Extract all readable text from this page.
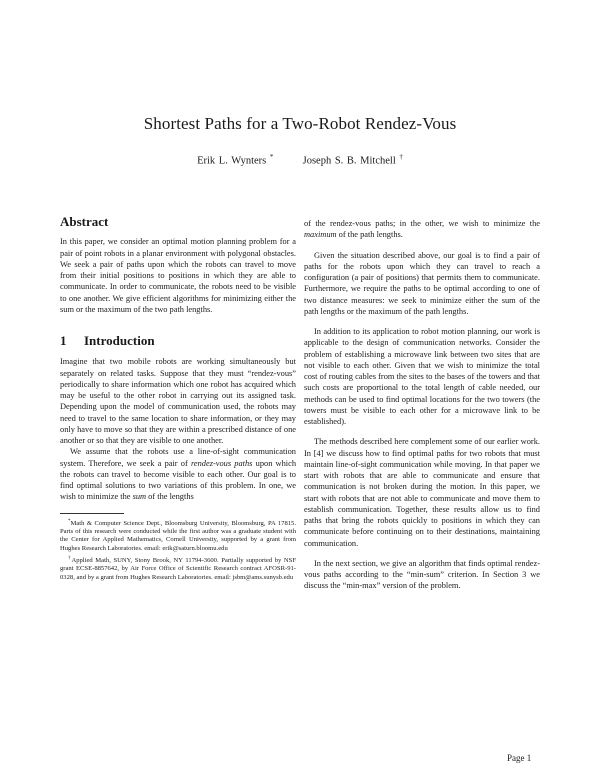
Shortest Paths for a Two-Robot Rendez-Vous
Erik L. Wynters *	Joseph S. B. Mitchell †
Abstract

In this paper, we consider an optimal motion planning problem for a pair of point robots in a planar environment with polygonal obstacles. We seek a pair of paths upon which the robots can travel to move from their initial positions to positions in which they are able to communicate. In order to communicate, the robots need to be visible to one another. We give efficient algorithms for minimizing either the sum or the maximum of the two path lengths.

1 Introduction

Imagine that two mobile robots are working simultaneously but separately on related tasks. Suppose that they must “rendez-vous” periodically to share information which one robot has acquired which may be useful to the other robot in carrying out its assigned task. Depending upon the model of communication used, the robots may need to travel to the same location to share information, or they may only have to move so that they are within a prescribed distance of one another or so that they are visible to one another.

We assume that the robots use a line-of-sight communication system. Therefore, we seek a pair of rendez-vous paths upon which the robots can travel to become visible to each other. Our goal is to find optimal solutions to two variations of this problem. In one, we wish to minimize the sum of the lengths

*Math & Computer Science Dept., Bloomsburg University, Bloomsburg, PA 17815. Parts of this research were conducted while the first author was a graduate student with the Center for Applied Mathematics, Cornell University, supported by a grant from Hughes Research Laboratories. email: erik@saturn.bloomu.edu

†Applied Math, SUNY, Stony Brook, NY 11794-3600. Partially supported by NSF grant ECSE-8857642, by Air Force Office of Scientific Research contract AFOSR-91-0328, and by a grant from Hughes Research Laboratories. email: jsbm@ams.sunysb.edu

of the rendez-vous paths; in the other, we wish to minimize the maximum of the path lengths.

Given the situation described above, our goal is to find a pair of paths for the robots upon which they can travel to reach a configuration (a pair of positions) that permits them to communicate. Furthermore, we require the paths to be optimal according to one of two distance measures: we seek to minimize either the sum of the path lengths or the maximum of the path lengths.

In addition to its application to robot motion planning, our work is applicable to the design of communication networks. Consider the problem of establishing a microwave link between two sites that are not visible to each other. Given that we wish to minimize the total cost of routing cables from the sites to the bases of the towers and that such costs are proportional to the total length of cable needed, our methods can be used to find optimal locations for the two towers (the towers must be visible to each other for a microwave link to be established).

The methods described here complement some of our earlier work. In [4] we discuss how to find optimal paths for two robots that must maintain line-of-sight communication while moving. In that paper we start with robots that are able to communicate and ensure that communication is not broken during the motion. In this paper, we start with robots that are not able to communicate and move them to establish communication. Together, these results allow us to find paths that bring the robots quickly to positions in which they can communicate before continuing on to their destinations, maintaining communication.

In the next section, we give an algorithm that finds optimal rendez-vous paths according to the “min-sum” criterion. In Section 3 we discuss the “min-max” version of the problem.

Page 1
